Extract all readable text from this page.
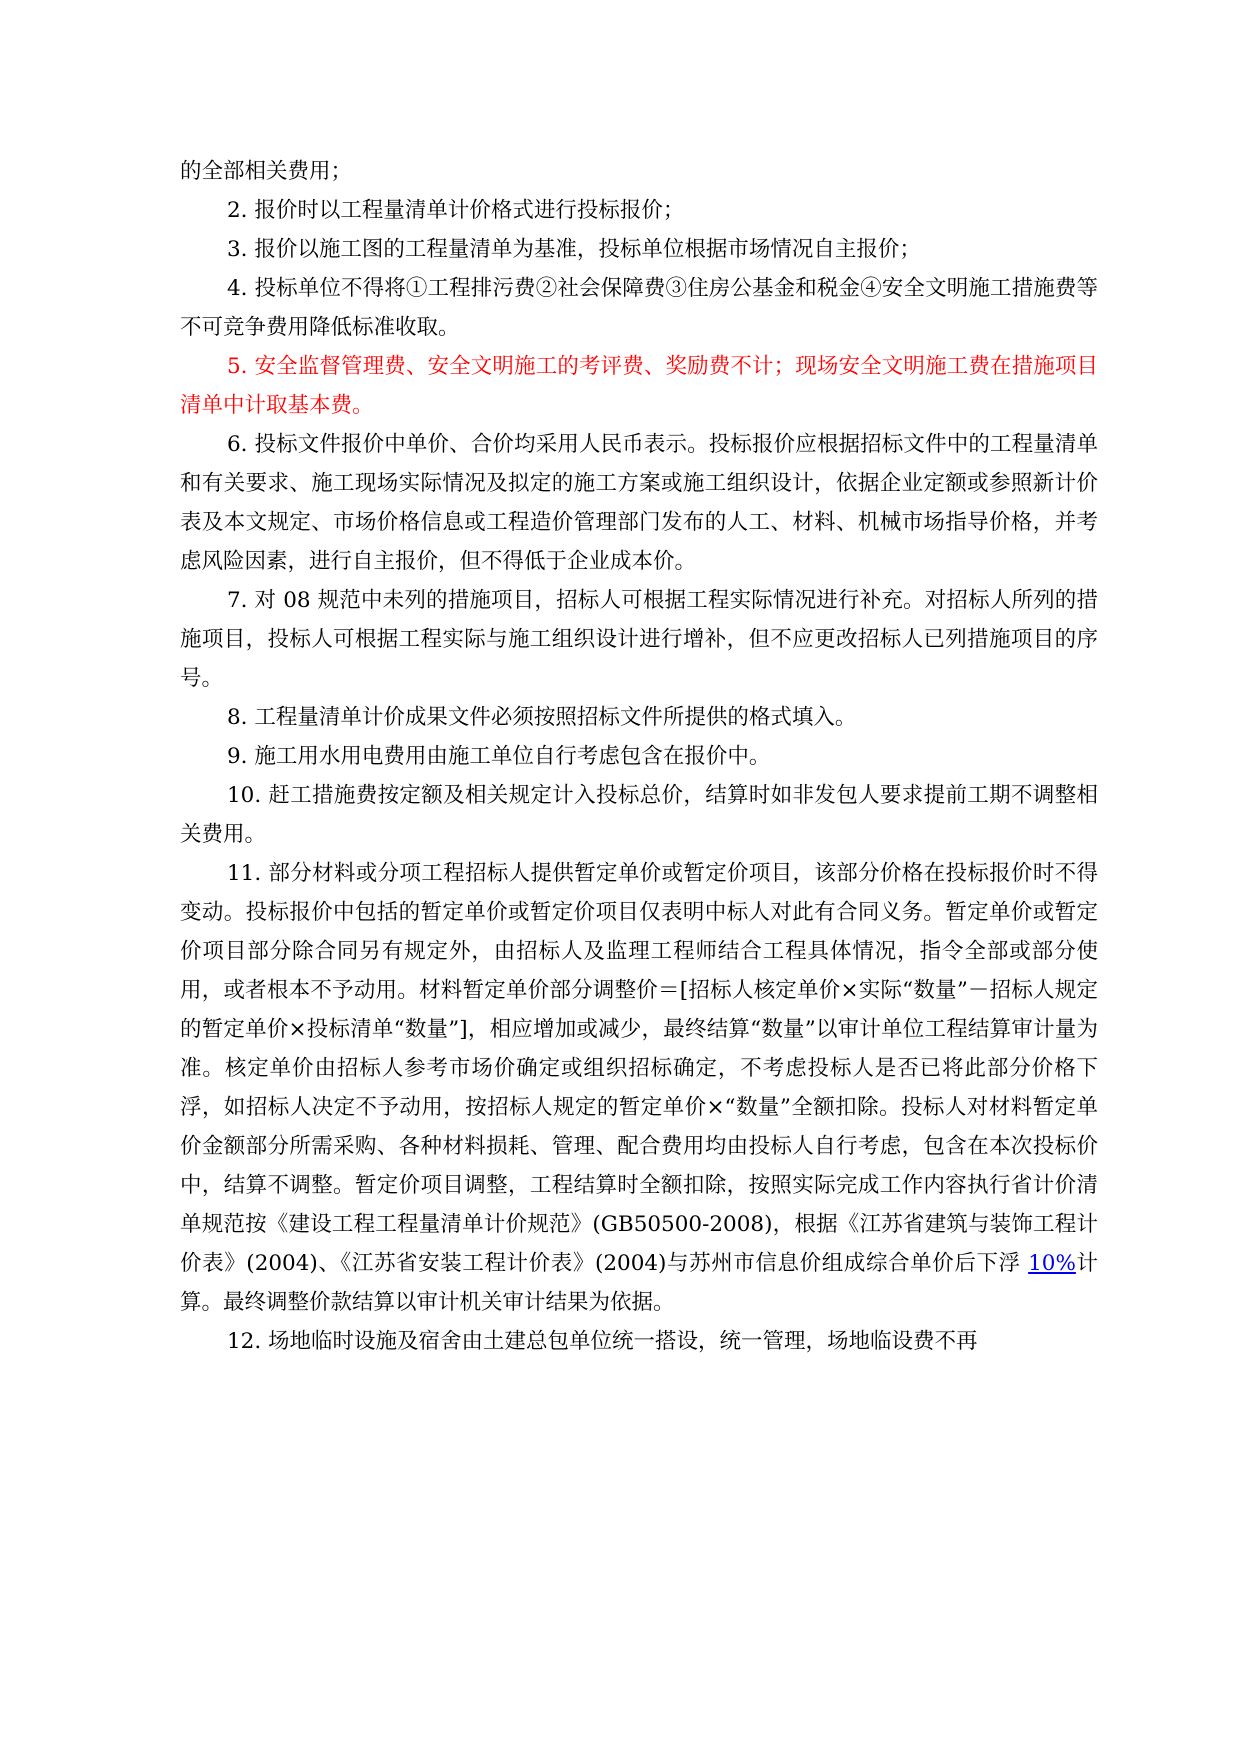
的全部相关费用；

2. 报价时以工程量清单计价格式进行投标报价；

3. 报价以施工图的工程量清单为基准，投标单位根据市场情况自主报价；

4. 投标单位不得将①工程排污费②社会保障费③住房公基金和税金④安全文明施工措施费等不可竞争费用降低标准收取。

5. 安全监督管理费、安全文明施工的考评费、奖励费不计；现场安全文明施工费在措施项目清单中计取基本费。

6. 投标文件报价中单价、合价均采用人民币表示。投标报价应根据招标文件中的工程量清单和有关要求、施工现场实际情况及拟定的施工方案或施工组织设计，依据企业定额或参照新计价表及本文规定、市场价格信息或工程造价管理部门发布的人工、材料、机械市场指导价格，并考虑风险因素，进行自主报价，但不得低于企业成本价。

7. 对 08 规范中未列的措施项目，招标人可根据工程实际情况进行补充。对招标人所列的措施项目，投标人可根据工程实际与施工组织设计进行增补，但不应更改招标人已列措施项目的序号。

8. 工程量清单计价成果文件必须按照招标文件所提供的格式填入。

9. 施工用水用电费用由施工单位自行考虑包含在报价中。

10. 赶工措施费按定额及相关规定计入投标总价，结算时如非发包人要求提前工期不调整相关费用。

11. 部分材料或分项工程招标人提供暂定单价或暂定价项目，该部分价格在投标报价时不得变动。投标报价中包括的暂定单价或暂定价项目仅表明中标人对此有合同义务。暂定单价或暂定价项目部分除合同另有规定外，由招标人及监理工程师结合工程具体情况，指令全部或部分使用，或者根本不予动用。材料暂定单价部分调整价＝[招标人核定单价×实际“数量”－招标人规定的暂定单价×投标清单“数量”]，相应增加或减少，最终结算“数量”以审计单位工程结算审计量为准。核定单价由招标人参考市场价确定或组织招标确定，不考虑投标人是否已将此部分价格下浮，如招标人决定不予动用，按招标人规定的暂定单价×“数量”全额扣除。投标人对材料暂定单价金额部分所需采购、各种材料损耗、管理、配合费用均由投标人自行考虑，包含在本次投标价中，结算不调整。暂定价项目调整，工程结算时全额扣除，按照实际完成工作内容执行省计价清单规范按《建设工程工程量清单计价规范》(GB50500-2008)，根据《江苏省建筑与装饰工程计价表》(2004)、《江苏省安装工程计价表》(2004)与苏州市信息价组成综合单价后下浮 10%计算。最终调整价款结算以审计机关审计结果为依据。

12. 场地临时设施及宿舍由土建总包单位统一搭设，统一管理，场地临设费不再
